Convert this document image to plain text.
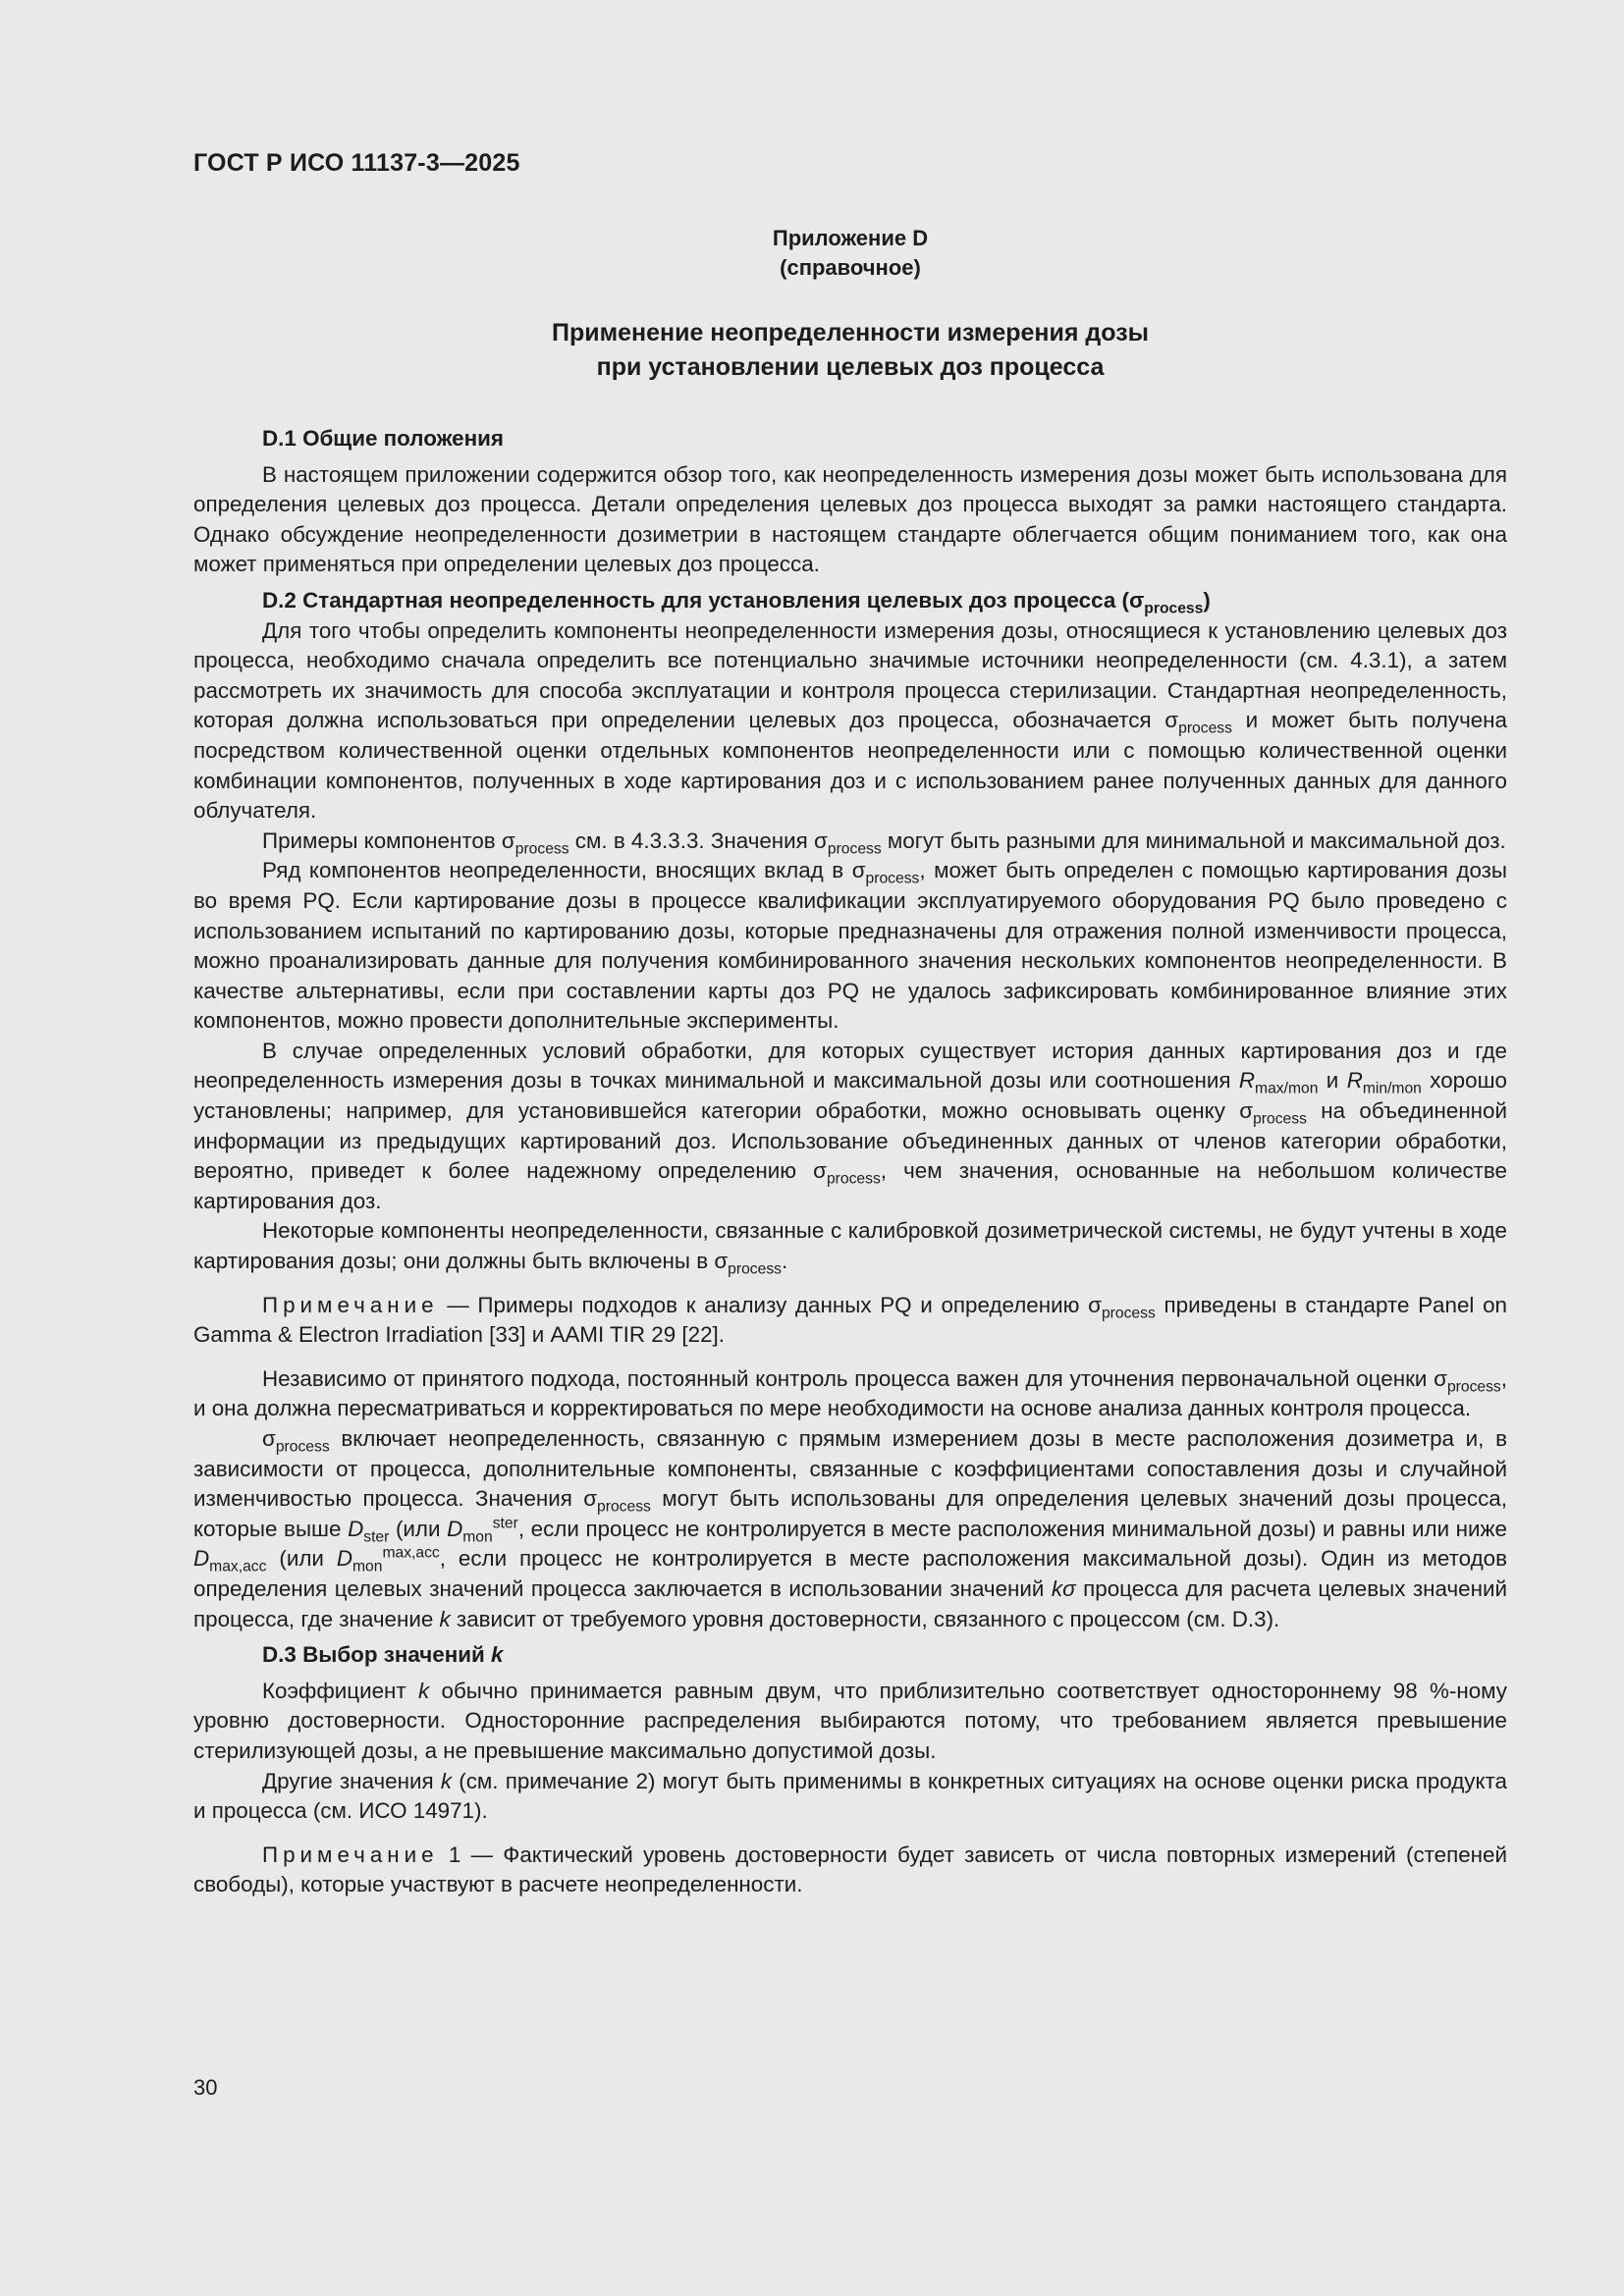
ГОСТ Р ИСО 11137-3—2025
Приложение D
(справочное)
Применение неопределенности измерения дозы
при установлении целевых доз процесса
D.1 Общие положения

В настоящем приложении содержится обзор того, как неопределенность измерения дозы может быть использована для определения целевых доз процесса. Детали определения целевых доз процесса выходят за рамки настоящего стандарта. Однако обсуждение неопределенности дозиметрии в настоящем стандарте облегчается общим пониманием того, как она может применяться при определении целевых доз процесса.

D.2 Стандартная неопределенность для установления целевых доз процесса $(\sigma_{process})$

Для того чтобы определить компоненты неопределенности измерения дозы, относящиеся к установлению целевых доз процесса, необходимо сначала определить все потенциально значимые источники неопределенности (см. 4.3.1), а затем рассмотреть их значимость для способа эксплуатации и контроля процесса стерилизации. Стандартная неопределенность, которая должна использоваться при определении целевых доз процесса, обозначается $\sigma_{process}$ и может быть получена посредством количественной оценки отдельных компонентов неопределенности или с помощью количественной оценки комбинации компонентов, полученных в ходе картирования доз и с использованием ранее полученных данных для данного облучателя.

Примеры компонентов $\sigma_{process}$ см. в 4.3.3.3. Значения $\sigma_{process}$ могут быть разными для минимальной и максимальной доз.

Ряд компонентов неопределенности, вносящих вклад в $\sigma_{process}$, может быть определен с помощью картирования дозы во время PQ. Если картирование дозы в процессе квалификации эксплуатируемого оборудования PQ было проведено с использованием испытаний по картированию дозы, которые предназначены для отражения полной изменчивости процесса, можно проанализировать данные для получения комбинированного значения нескольких компонентов неопределенности. В качестве альтернативы, если при составлении карты доз PQ не удалось зафиксировать комбинированное влияние этих компонентов, можно провести дополнительные эксперименты.

В случае определенных условий обработки, для которых существует история данных картирования доз и где неопределенность измерения дозы в точках минимальной и максимальной дозы или соотношения $R_{max/mon}$ и $R_{min/mon}$ хорошо установлены; например, для установившейся категории обработки, можно основывать оценку $\sigma_{process}$ на объединенной информации из предыдущих картирований доз. Использование объединенных данных от членов категории обработки, вероятно, приведет к более надежному определению $\sigma_{process}$, чем значения, основанные на небольшом количестве картирования доз.

Некоторые компоненты неопределенности, связанные с калибровкой дозиметрической системы, не будут учтены в ходе картирования дозы; они должны быть включены в $\sigma_{process}$.

Примечание — Примеры подходов к анализу данных PQ и определению $\sigma_{process}$ приведены в стандарте Panel on Gamma & Electron Irradiation [33] и AAMI TIR 29 [22].

Независимо от принятого подхода, постоянный контроль процесса важен для уточнения первоначальной оценки $\sigma_{process}$, и она должна пересматриваться и корректироваться по мере необходимости на основе анализа данных контроля процесса.

$\sigma_{process}$ включает неопределенность, связанную с прямым измерением дозы в месте расположения дозиметра и, в зависимости от процесса, дополнительные компоненты, связанные с коэффициентами сопоставления дозы и случайной изменчивостью процесса. Значения $\sigma_{process}$ могут быть использованы для определения целевых значений дозы процесса, которые выше $D_{ster}$ (или $D_{mon}^{ster}$, если процесс не контролируется в месте расположения минимальной дозы) и равны или ниже $D_{max,acc}$ (или $D_{mon}^{max,acc}$, если процесс не контролируется в месте расположения максимальной дозы). Один из методов определения целевых значений процесса заключается в использовании значений kσ процесса для расчета целевых значений процесса, где значение k зависит от требуемого уровня достоверности, связанного с процессом (см. D.3).

D.3 Выбор значений k

Коэффициент k обычно принимается равным двум, что приблизительно соответствует одностороннему 98 %-ному уровню достоверности. Односторонние распределения выбираются потому, что требованием является превышение стерилизующей дозы, а не превышение максимально допустимой дозы.

Другие значения k (см. примечание 2) могут быть применимы в конкретных ситуациях на основе оценки риска продукта и процесса (см. ИСО 14971).

Примечание 1 — Фактический уровень достоверности будет зависеть от числа повторных измерений (степеней свободы), которые участвуют в расчете неопределенности.

30
